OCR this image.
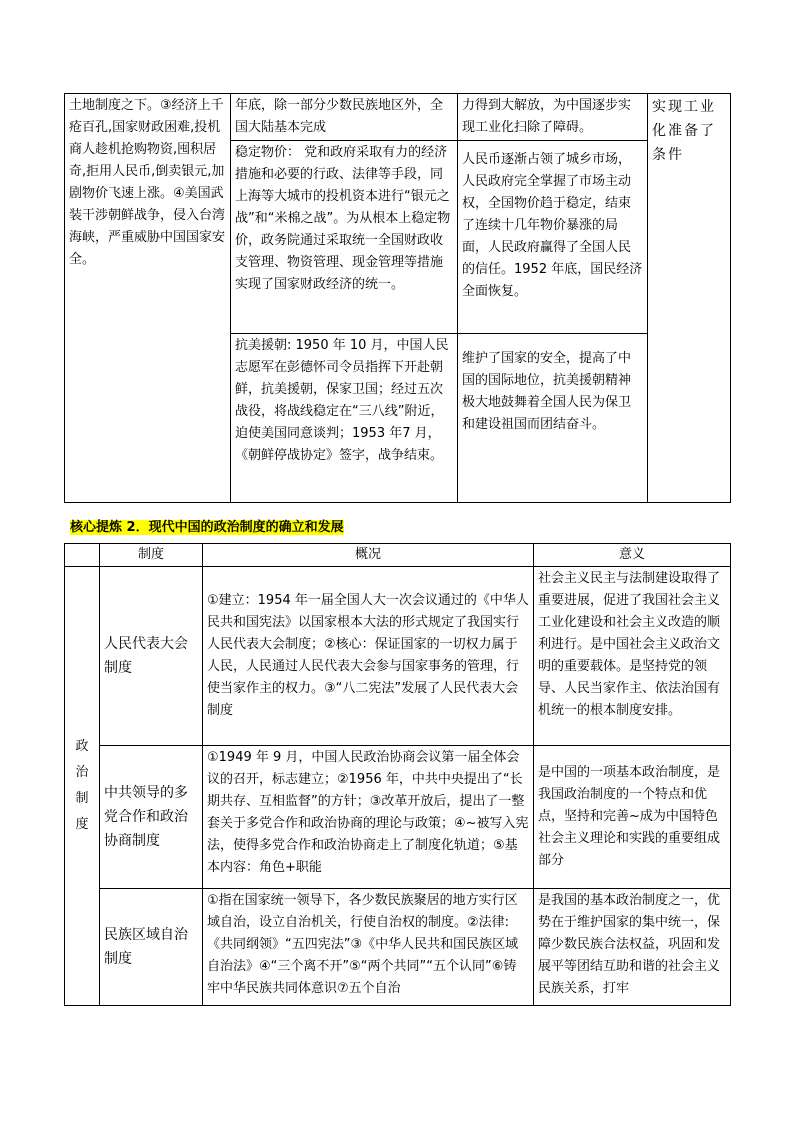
土地制度之下。③经济上千疮百孔,国家财政困难,投机商人趁机抢购物资,囤积居奇,拒用人民币,倒卖银元,加剧物价飞速上涨。④美国武装干涉朝鲜战争，侵入台湾海峡，严重威胁中国国家安全。	年底，除一部分少数民族地区外，全国大陆基本完成	力得到大解放，为中国逐步实现工业化扫除了障碍。	实现工业化准备了条件
	稳定物价： 党和政府采取有力的经济措施和必要的行政、法律等手段，同上海等大城市的投机资本进行“银元之战”和“米棉之战”。为从根本上稳定物价，政务院通过采取统一全国财政收支管理、物资管理、现金管理等措施实现了国家财政经济的统一。	人民币逐渐占领了城乡市场，人民政府完全掌握了市场主动权，全国物价趋于稳定，结束了连续十几年物价暴涨的局面，人民政府赢得了全国人民的信任。1952 年底，国民经济全面恢复。	
	抗美援朝: 1950 年 10 月，中国人民志愿军在彭德怀司令员指挥下开赴朝鲜，抗美援朝，保家卫国；经过五次战役，将战线稳定在“三八线”附近，迫使美国同意谈判；1953 年7 月，《朝鲜停战协定》签字，战争结束。	维护了国家的安全，提高了中国的国际地位，抗美援朝精神极大地鼓舞着全国人民为保卫和建设祖国而团结奋斗。	
核心提炼 2．现代中国的政治制度的确立和发展
	制度	概况	意义

政
治
制
度	人民代表大会制度	①建立：1954 年一届全国人大一次会议通过的《中华人民共和国宪法》以国家根本大法的形式规定了我国实行人民代表大会制度；②核心：保证国家的一切权力属于人民，人民通过人民代表大会参与国家事务的管理，行使当家作主的权力。③“八二宪法”发展了人民代表大会制度	社会主义民主与法制建设取得了重要进展，促进了我国社会主义工业化建设和社会主义改造的顺利进行。是中国社会主义政治文明的重要载体。是坚持党的领导、人民当家作主、依法治国有机统一的根本制度安排。
	中共领导的多党合作和政治协商制度	①1949 年 9 月，中国人民政治协商会议第一届全体会议的召开，标志建立；②1956 年，中共中央提出了“长期共存、互相监督”的方针；③改革开放后，提出了一整套关于多党合作和政治协商的理论与政策；④~被写入宪法，使得多党合作和政治协商走上了制度化轨道；⑤基本内容：角色+职能	是中国的一项基本政治制度，是我国政治制度的一个特点和优点，坚持和完善~成为中国特色社会主义理论和实践的重要组成部分
	民族区域自治制度	①指在国家统一领导下，各少数民族聚居的地方实行区域自治，设立自治机关，行使自治权的制度。②法律:《共同纲领》“五四宪法”③《中华人民共和国民族区域自治法》④“三个离不开”⑤“两个共同”“五个认同”⑥铸牢中华民族共同体意识⑦五个自治	是我国的基本政治制度之一，优势在于维护国家的集中统一，保障少数民族合法权益，巩固和发展平等团结互助和谐的社会主义民族关系，打牢
